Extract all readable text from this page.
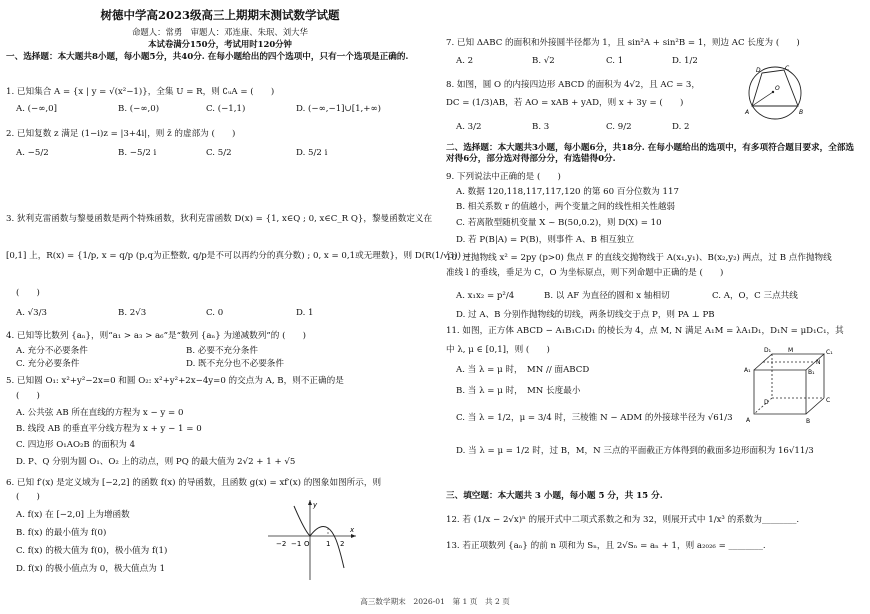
树德中学高2023级高三上期期末测试数学试题
命题人：常勇　审题人：邓连康、朱珉、刘大华
本试卷满分150分，考试用时120分钟
一、选择题：本大题共8小题，每小题5分，共40分. 在每小题给出的四个选项中，只有一个选项是正确的.
1. 已知集合 A = {x | y = √(x²−1)}，全集 U = R，则 ∁ᵤA = (　　)
A. (−∞,0]	B. (−∞,0)	C. (−1,1)	D. (−∞,−1]∪[1,+∞)
2. 已知复数 z 满足 (1−i)z = |3+4i|，则 z̄ 的虚部为 (　　)
A. −5/2	B. −5/2 i	C. 5/2	D. 5/2 i
3. 狄利克雷函数与黎曼函数是两个特殊函数，狄利克雷函数 D(x) = {1, x∈Q ; 0, x∈C_R Q}，黎曼函数定义在
[0,1] 上，R(x) = {1/p, x = q/p (p,q为正整数, q/p是不可以再约分的真分数) ; 0, x = 0,1或无理数}，则 D(R(1/√3)) =
(　　)
A. √3/3	B. 2√3	C. 0	D. 1
4. 已知等比数列 {aₙ}，则“a₁ > a₃ > a₆”是“数列 {aₙ} 为递减数列”的 (　　)
A. 充分不必要条件	B. 必要不充分条件
C. 充分必要条件	D. 既不充分也不必要条件
5. 已知圆 O₁: x²+y²−2x=0 和圆 O₂: x²+y²+2x−4y=0 的交点为 A, B，则不正确的是
(　　)
A. 公共弦 AB 所在直线的方程为 x − y = 0
B. 线段 AB 的垂直平分线方程为 x + y − 1 = 0
C. 四边形 O₁AO₂B 的面积为 4
D. P、Q 分别为圆 O₁、O₂ 上的动点，则 PQ 的最大值为 2√2 + 1 + √5
6. 已知 f′(x) 是定义域为 [−2,2] 的函数 f(x) 的导函数，且函数 g(x) = xf′(x) 的图象如图所示，则
(　　)
A. f(x) 在 [−2,0] 上为增函数
B. f(x) 的最小值为 f(0)
C. f(x) 的极大值为 f(0)，极小值为 f(1)
D. f(x) 的极小值点为 0，极大值点为 1
−2 −1 O 1 2
x
y
7. 已知 ΔABC 的面积和外接圆半径都为 1，且 sin²A + sin²B = 1，则边 AC 长度为 (　　)
A. 2	B. √2	C. 1	D. 1/2
8. 如图，圆 O 的内接四边形 ABCD 的面积为 4√2，且 AC = 3，
DC = (1/3)AB，若 AO = xAB + yAD，则 x + 3y = (　　)
A. 3/2	B. 3	C. 9/2	D. 2
D	C
O
A	B
二、选择题：本大题共3小题，每小题6分，共18分. 在每小题给出的选项中，有多项符合题目要求，全部选对得6分，部分选对得部分分，有选错得0分.
9. 下列说法中正确的是 (　　)
A. 数据 120,118,117,117,120 的第 60 百分位数为 117
B. 相关系数 r 的值越小，两个变量之间的线性相关性越弱
C. 若离散型随机变量 X ~ B(50,0.2)，则 D(X) = 10
D. 若 P(B|A) = P(B)，则事件 A、B 相互独立
10. 过抛物线 x² = 2py (p>0) 焦点 F 的直线交抛物线于 A(x₁,y₁)、B(x₂,y₂) 两点，过 B 点作抛物线
准线 l 的垂线，垂足为 C，O 为坐标原点，则下列命题中正确的是 (　　)
A. x₁x₂ = p²/4	B. 以 AF 为直径的圆和 x 轴相切	C. A，O，C 三点共线
D. 过 A、B 分别作抛物线的切线，两条切线交于点 P，则 PA ⊥ PB
11. 如图，正方体 ABCD − A₁B₁C₁D₁ 的棱长为 4，点 M, N 满足 A₁M = λA₁D₁，D₁N = μD₁C₁，其
中 λ, μ ∈ [0,1]，则 (　　)
A. 当 λ = μ 时，　MN // 面ABCD
B. 当 λ = μ 时，　MN 长度最小
C. 当 λ = 1/2，μ = 3/4 时，三棱锥 N − ADM 的外接球半径为 √61/3
D. 当 λ = μ = 1/2 时，过 B，M，N 三点的平面截正方体得到的截面多边形面积为 16√11/3
D₁	M	C₁
A₁	B₁
N
D	C
A	B
三、填空题：本大题共 3 小题，每小题 5 分，共 15 分.
12. 若 (1/x − 2√x)ⁿ 的展开式中二项式系数之和为 32，则展开式中 1/x³ 的系数为________.
13. 若正项数列 {aₙ} 的前 n 项和为 Sₙ，且 2√Sₙ = aₙ + 1，则 a₂₀₂₆ = ________.
高三数学期末　2026-01　第 1 页　共 2 页
